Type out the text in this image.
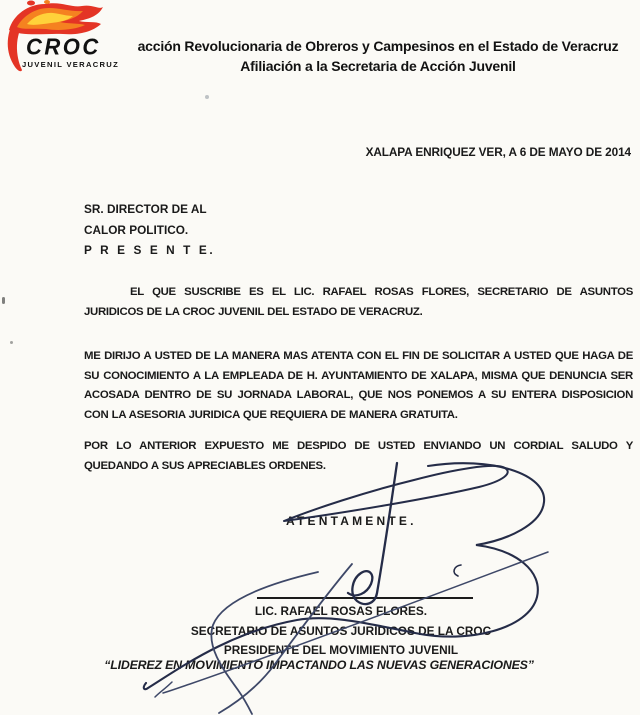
CROC
JUVENIL VERACRUZ
acción Revolucionaria de Obreros y Campesinos en el Estado de Veracruz
Afiliación a la Secretaria de Acción Juvenil
XALAPA ENRIQUEZ VER, A 6 DE MAYO DE 2014
SR. DIRECTOR DE AL
CALOR POLITICO.
P R E S E N T E.

EL QUE SUSCRIBE ES EL LIC. RAFAEL ROSAS FLORES, SECRETARIO DE ASUNTOS JURIDICOS DE LA CROC JUVENIL DEL ESTADO DE VERACRUZ.

ME DIRIJO A USTED DE LA MANERA MAS ATENTA CON EL FIN DE SOLICITAR A USTED QUE HAGA DE SU CONOCIMIENTO A LA EMPLEADA DE H. AYUNTAMIENTO DE XALAPA, MISMA QUE DENUNCIA SER ACOSADA DENTRO DE SU JORNADA LABORAL, QUE NOS PONEMOS A SU ENTERA DISPOSICION CON LA ASESORIA JURIDICA QUE REQUIERA DE MANERA GRATUITA.

POR LO ANTERIOR EXPUESTO ME DESPIDO DE USTED ENVIANDO UN CORDIAL SALUDO Y QUEDANDO A SUS APRECIABLES ORDENES.

ATENTAMENTE.
LIC. RAFAEL ROSAS FLORES.
SECRETARIO DE ASUNTOS JURIDICOS DE LA CROC
PRESIDENTE DEL MOVIMIENTO JUVENIL
“LIDEREZ EN MOVIMIENTO IMPACTANDO LAS NUEVAS GENERACIONES”
